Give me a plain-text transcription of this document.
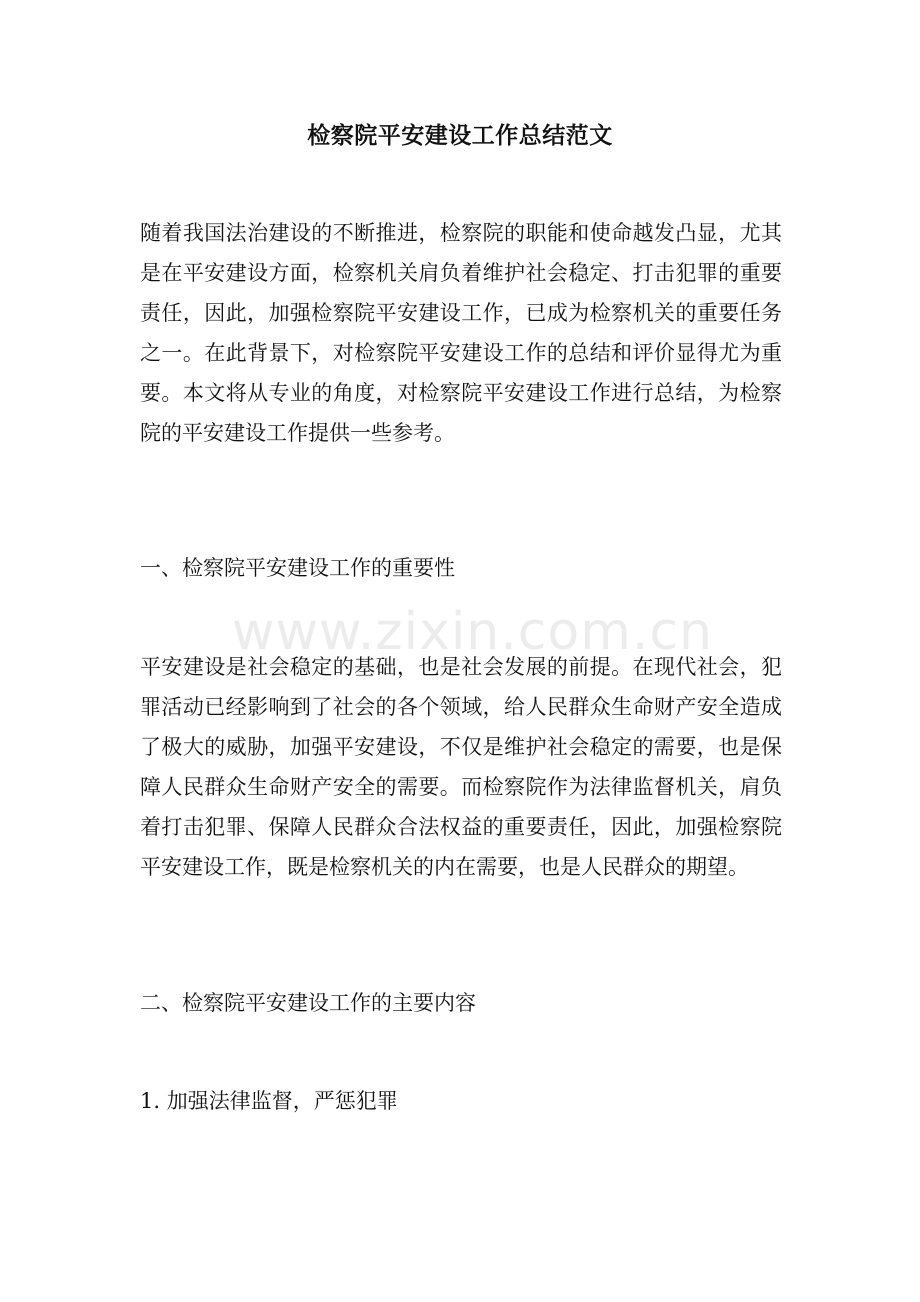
检察院平安建设工作总结范文

随着我国法治建设的不断推进，检察院的职能和使命越发凸显，尤其是在平安建设方面，检察机关肩负着维护社会稳定、打击犯罪的重要责任，因此，加强检察院平安建设工作，已成为检察机关的重要任务之一。在此背景下，对检察院平安建设工作的总结和评价显得尤为重要。本文将从专业的角度，对检察院平安建设工作进行总结，为检察院的平安建设工作提供一些参考。

一、检察院平安建设工作的重要性

www.zixin.com.cn

平安建设是社会稳定的基础，也是社会发展的前提。在现代社会，犯罪活动已经影响到了社会的各个领域，给人民群众生命财产安全造成了极大的威胁，加强平安建设，不仅是维护社会稳定的需要，也是保障人民群众生命财产安全的需要。而检察院作为法律监督机关，肩负着打击犯罪、保障人民群众合法权益的重要责任，因此，加强检察院平安建设工作，既是检察机关的内在需要，也是人民群众的期望。

二、检察院平安建设工作的主要内容

1. 加强法律监督，严惩犯罪
